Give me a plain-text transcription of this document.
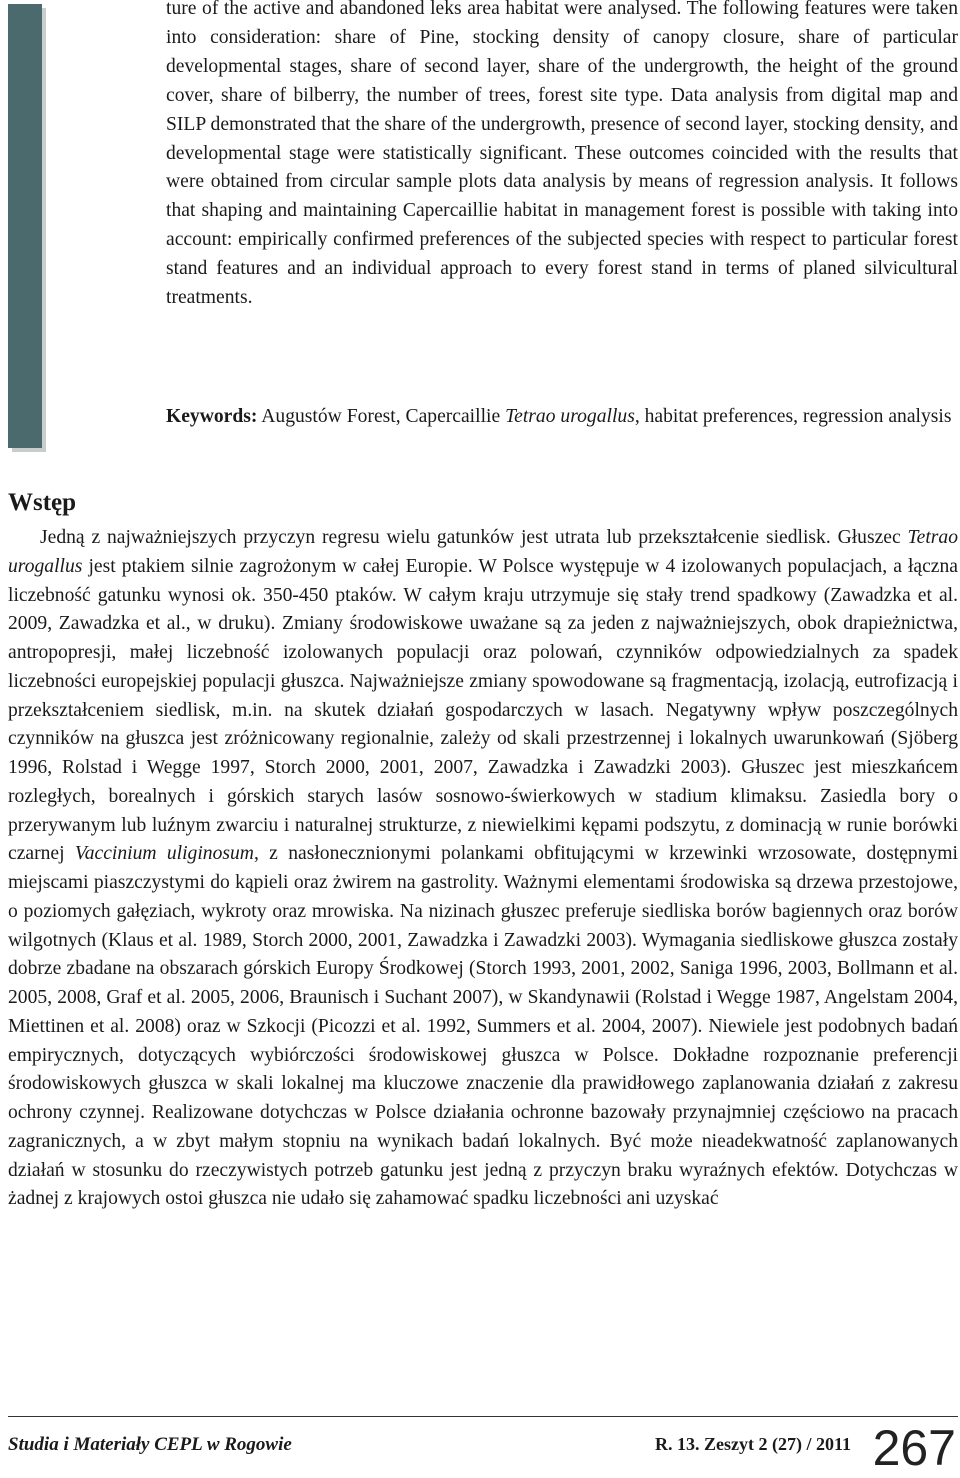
ture of the active and abandoned leks area habitat were analysed. The following features were taken into consideration: share of Pine, stocking density of canopy closure, share of particular developmental stages, share of second layer, share of the undergrowth, the height of the ground cover, share of bilberry, the number of trees, forest site type. Data analysis from digital map and SILP demonstrated that the share of the undergrowth, presence of second layer, stocking density, and developmental stage were statistically significant. These outcomes coincided with the results that were obtained from circular sample plots data analysis by means of regression analysis. It follows that shaping and maintaining Capercaillie habitat in management forest is possible with taking into account: empirically confirmed preferences of the subjected species with respect to particular forest stand features and an individual approach to every forest stand in terms of planed silvicultural treatments.

Keywords: Augustów Forest, Capercaillie Tetrao urogallus, habitat preferences, regression analysis

Wstęp

Jedną z najważniejszych przyczyn regresu wielu gatunków jest utrata lub przekształcenie siedlisk. Głuszec Tetrao urogallus jest ptakiem silnie zagrożonym w całej Europie. W Polsce występuje w 4 izolowanych populacjach, a łączna liczebność gatunku wynosi ok. 350-450 ptaków. W całym kraju utrzymuje się stały trend spadkowy (Zawadzka et al. 2009, Zawadzka et al., w druku). Zmiany środowiskowe uważane są za jeden z najważniejszych, obok drapieżnictwa, antropopresji, małej liczebność izolowanych populacji oraz polowań, czynników odpowiedzialnych za spadek liczebności europejskiej populacji głuszca. Najważniejsze zmiany spowodowane są fragmentacją, izolacją, eutrofizacją i przekształceniem siedlisk, m.in. na skutek działań gospodarczych w lasach. Negatywny wpływ poszczególnych czynników na głuszca jest zróżnicowany regionalnie, zależy od skali przestrzennej i lokalnych uwarunkowań (Sjöberg 1996, Rolstad i Wegge 1997, Storch 2000, 2001, 2007, Zawadzka i Zawadzki 2003). Głuszec jest mieszkańcem rozległych, borealnych i górskich starych lasów sosnowo-świerkowych w stadium klimaksu. Zasiedla bory o przerywanym lub luźnym zwarciu i naturalnej strukturze, z niewielkimi kępami podszytu, z dominacją w runie borówki czarnej Vaccinium uliginosum, z nasłonecznionymi polankami obfitującymi w krzewinki wrzosowate, dostępnymi miejscami piaszczystymi do kąpieli oraz żwirem na gastrolity. Ważnymi elementami środowiska są drzewa przestojowe, o poziomych gałęziach, wykroty oraz mrowiska. Na nizinach głuszec preferuje siedliska borów bagiennych oraz borów wilgotnych (Klaus et al. 1989, Storch 2000, 2001, Zawadzka i Zawadzki 2003). Wymagania siedliskowe głuszca zostały dobrze zbadane na obszarach górskich Europy Środkowej (Storch 1993, 2001, 2002, Saniga 1996, 2003, Bollmann et al. 2005, 2008, Graf et al. 2005, 2006, Braunisch i Suchant 2007), w Skandynawii (Rolstad i Wegge 1987, Angelstam 2004, Miettinen et al. 2008) oraz w Szkocji (Picozzi et al. 1992, Summers et al. 2004, 2007). Niewiele jest podobnych badań empirycznych, dotyczących wybiórczości środowiskowej głuszca w Polsce. Dokładne rozpoznanie preferencji środowiskowych głuszca w skali lokalnej ma kluczowe znaczenie dla prawidłowego zaplanowania działań z zakresu ochrony czynnej. Realizowane dotychczas w Polsce działania ochronne bazowały przynajmniej częściowo na pracach zagranicznych, a w zbyt małym stopniu na wynikach badań lokalnych. Być może nieadekwatność zaplanowanych działań w stosunku do rzeczywistych potrzeb gatunku jest jedną z przyczyn braku wyraźnych efektów. Dotychczas w żadnej z krajowych ostoi głuszca nie udało się zahamować spadku liczebności ani uzyskać

Studia i Materiały CEPL w Rogowie	R. 13. Zeszyt 2 (27) / 2011 267
